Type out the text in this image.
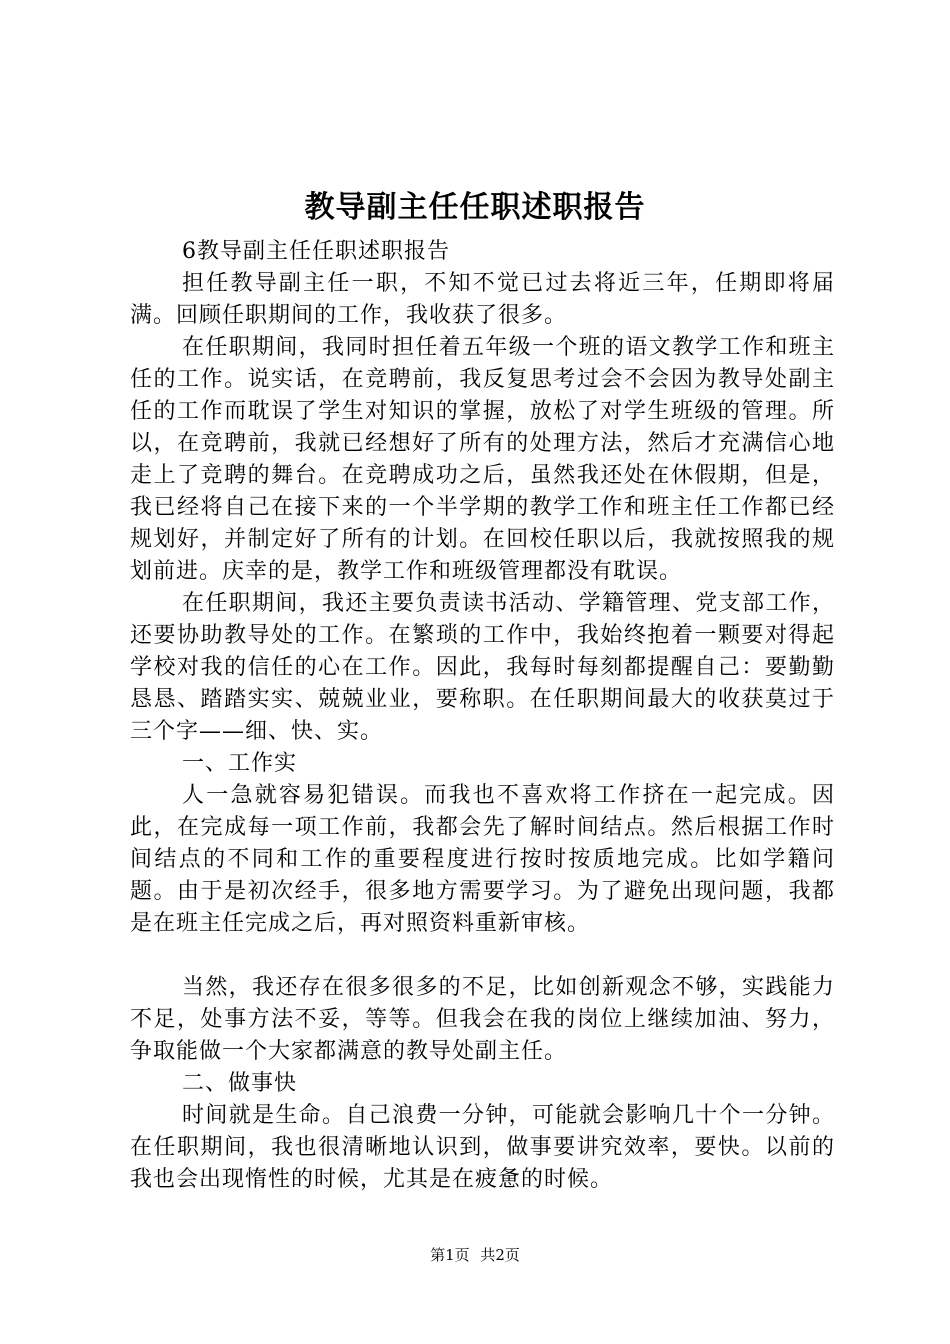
教导副主任任职述职报告

6教导副主任任职述职报告

担任教导副主任一职，不知不觉已过去将近三年，任期即将届满。回顾任职期间的工作，我收获了很多。

在任职期间，我同时担任着五年级一个班的语文教学工作和班主任的工作。说实话，在竞聘前，我反复思考过会不会因为教导处副主任的工作而耽误了学生对知识的掌握，放松了对学生班级的管理。所以，在竞聘前，我就已经想好了所有的处理方法，然后才充满信心地走上了竞聘的舞台。在竞聘成功之后，虽然我还处在休假期，但是，我已经将自己在接下来的一个半学期的教学工作和班主任工作都已经规划好，并制定好了所有的计划。在回校任职以后，我就按照我的规划前进。庆幸的是，教学工作和班级管理都没有耽误。

在任职期间，我还主要负责读书活动、学籍管理、党支部工作，还要协助教导处的工作。在繁琐的工作中，我始终抱着一颗要对得起学校对我的信任的心在工作。因此，我每时每刻都提醒自己：要勤勤恳恳、踏踏实实、兢兢业业，要称职。在任职期间最大的收获莫过于三个字——细、快、实。

一、工作实

人一急就容易犯错误。而我也不喜欢将工作挤在一起完成。因此，在完成每一项工作前，我都会先了解时间结点。然后根据工作时间结点的不同和工作的重要程度进行按时按质地完成。比如学籍问题。由于是初次经手，很多地方需要学习。为了避免出现问题，我都是在班主任完成之后，再对照资料重新审核。

当然，我还存在很多很多的不足，比如创新观念不够，实践能力不足，处事方法不妥，等等。但我会在我的岗位上继续加油、努力，争取能做一个大家都满意的教导处副主任。

二、做事快

时间就是生命。自己浪费一分钟，可能就会影响几十个一分钟。在任职期间，我也很清晰地认识到，做事要讲究效率，要快。以前的我也会出现惰性的时候，尤其是在疲惫的时候。

第1页 共2页
